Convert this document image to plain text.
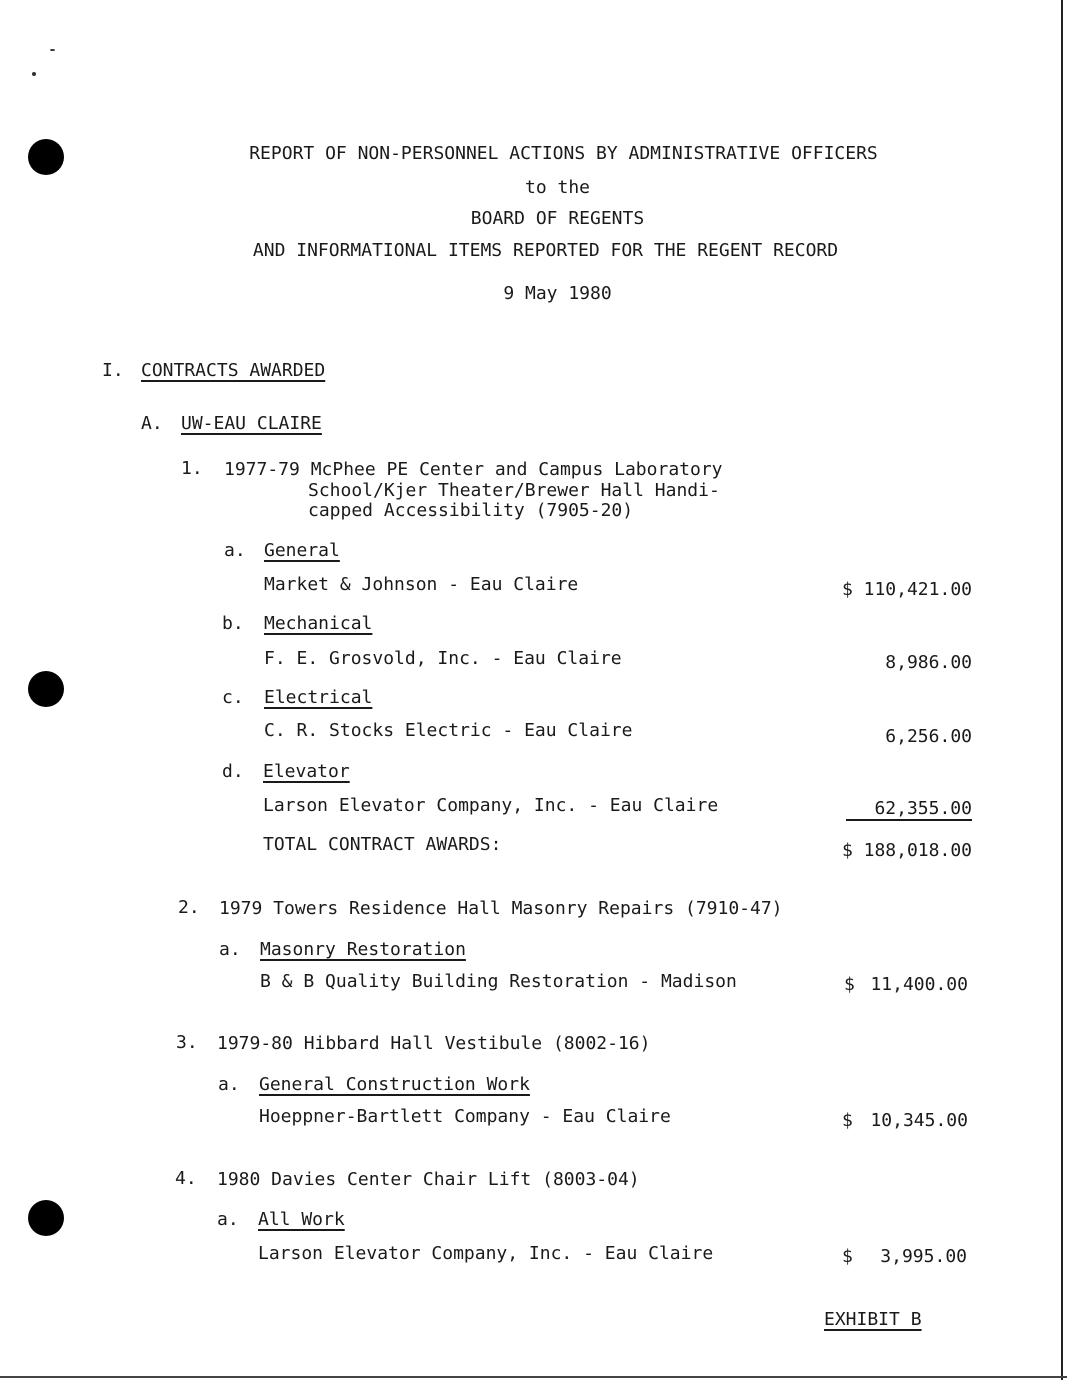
REPORT OF NON-PERSONNEL ACTIONS BY ADMINISTRATIVE OFFICERS
to the
BOARD OF REGENTS
AND INFORMATIONAL ITEMS REPORTED FOR THE REGENT RECORD
9 May 1980
I. CONTRACTS AWARDED
A. UW-EAU CLAIRE
1. 1977-79 McPhee PE Center and Campus Laboratory
School/Kjer Theater/Brewer Hall Handi-
capped Accessibility (7905-20)
a. General
Market & Johnson - Eau Claire	$ 110,421.00
b. Mechanical
F. E. Grosvold, Inc. - Eau Claire	8,986.00
c. Electrical
C. R. Stocks Electric - Eau Claire	6,256.00
d. Elevator
Larson Elevator Company, Inc. - Eau Claire	62,355.00
TOTAL CONTRACT AWARDS:	$ 188,018.00
2. 1979 Towers Residence Hall Masonry Repairs (7910-47)
a. Masonry Restoration
B & B Quality Building Restoration - Madison	$ 11,400.00
3. 1979-80 Hibbard Hall Vestibule (8002-16)
a. General Construction Work
Hoeppner-Bartlett Company - Eau Claire	$ 10,345.00
4. 1980 Davies Center Chair Lift (8003-04)
a. All Work
Larson Elevator Company, Inc. - Eau Claire	$ 3,995.00
EXHIBIT B
